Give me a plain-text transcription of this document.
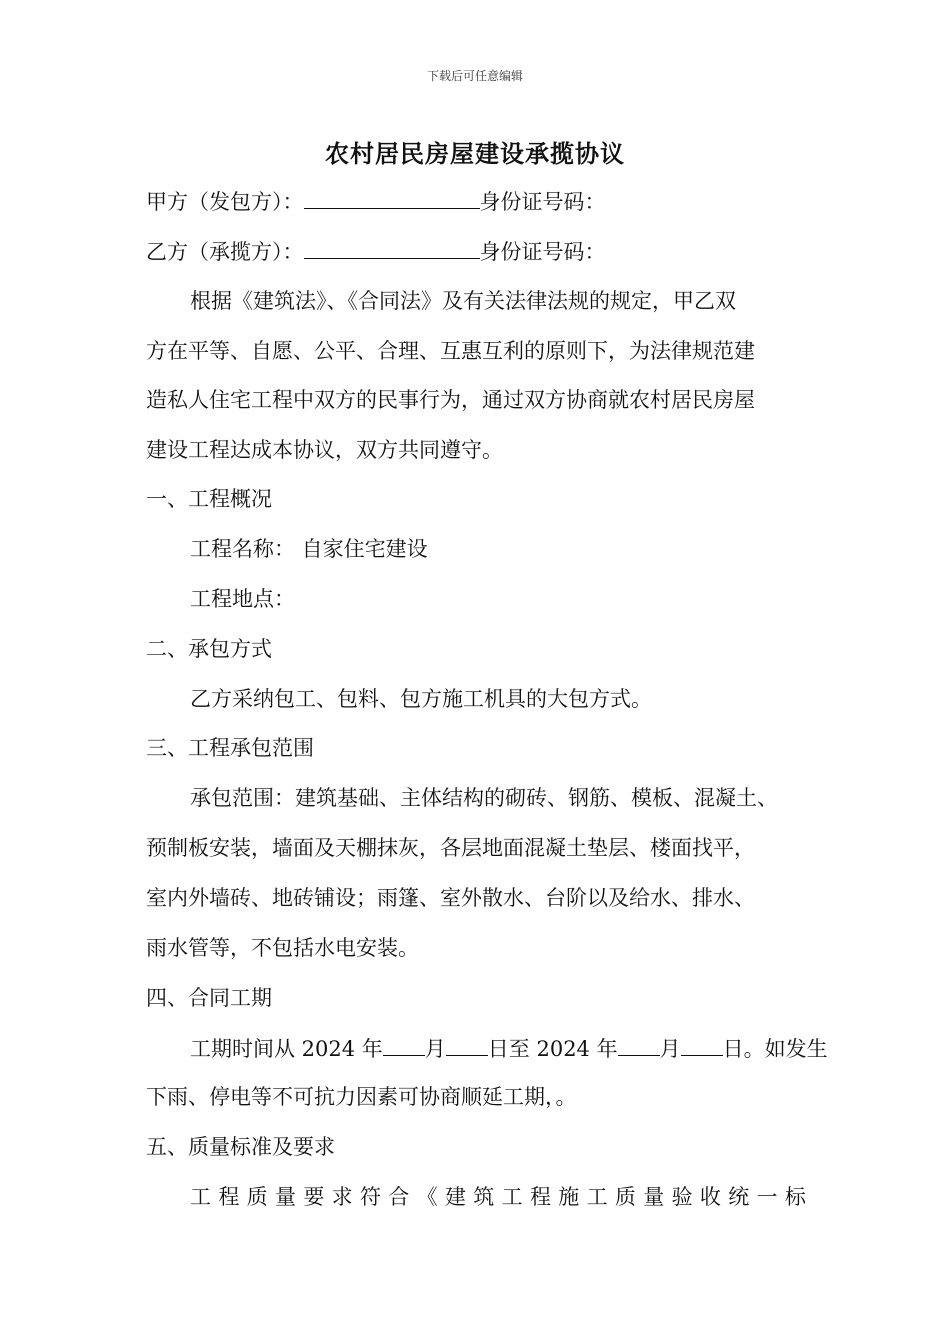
下载后可任意编辑
农村居民房屋建设承揽协议
甲方（发包方）：	身份证号码：
乙方（承揽方）：	身份证号码：
根据《建筑法》、《合同法》及有关法律法规的规定，甲乙双
方在平等、自愿、公平、合理、互惠互利的原则下，为法律规范建
造私人住宅工程中双方的民事行为，通过双方协商就农村居民房屋
建设工程达成本协议，双方共同遵守。
一、工程概况
工程名称： 自家住宅建设
工程地点：
二、承包方式
乙方采纳包工、包料、包方施工机具的大包方式。
三、工程承包范围
承包范围：建筑基础、主体结构的砌砖、钢筋、模板、混凝土、
预制板安装，墙面及天棚抹灰，各层地面混凝土垫层、楼面找平，
室内外墙砖、地砖铺设；雨篷、室外散水、台阶以及给水、排水、
雨水管等，不包括水电安装。
四、合同工期
工期时间从 2024 年 月 日至 2024 年 月 日。如发生
下雨、停电等不可抗力因素可协商顺延工期，。
五、质量标准及要求
工 程 质 量 要 求 符 合 《 建 筑 工 程 施 工 质 量 验 收 统 一 标
